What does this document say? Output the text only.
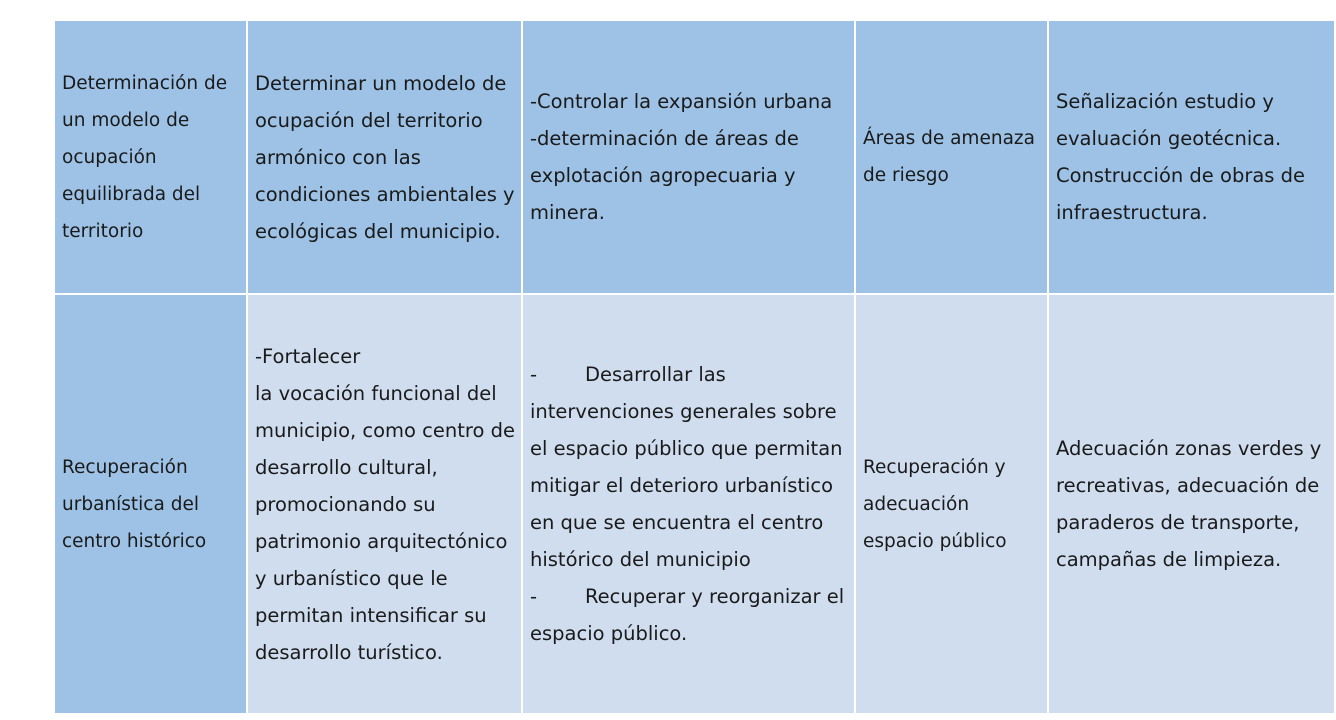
Determinación de un modelo de ocupación equilibrada del territorio	Determinar un modelo de ocupación del territorio armónico con las condiciones ambientales y ecológicas del municipio.	-Controlar la expansión urbana
-determinación de áreas de explotación agropecuaria y minera.	Áreas de amenaza de riesgo	Señalización estudio y evaluación geotécnica. Construcción de obras de infraestructura.
Recuperación urbanística del centro histórico	-Fortalecer
la vocación funcional del municipio, como centro de desarrollo cultural, promocionando su patrimonio arquitectónico y urbanístico que le permitan intensificar su desarrollo turístico.	- Desarrollar las intervenciones generales sobre el espacio público que permitan mitigar el deterioro urbanístico en que se encuentra el centro histórico del municipio
- Recuperar y reorganizar el espacio público.	Recuperación y adecuación espacio público	Adecuación zonas verdes y recreativas, adecuación de paraderos de transporte, campañas de limpieza.
